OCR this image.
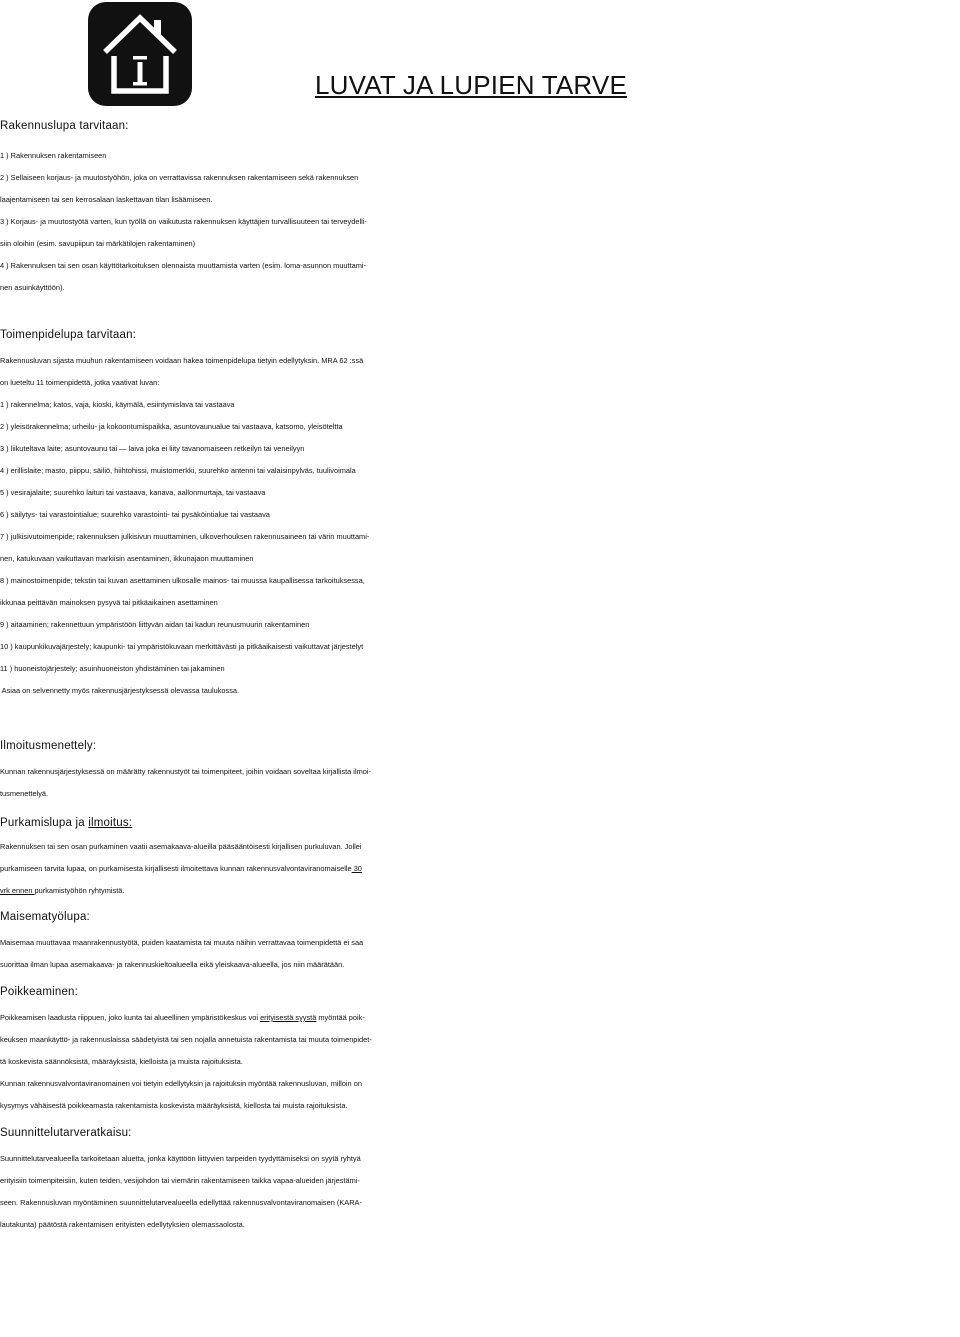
LUVAT JA LUPIEN TARVE
Rakennuslupa tarvitaan:

1 ) Rakennuksen rakentamiseen

2 ) Sellaiseen korjaus- ja muutostyöhön, joka on verrattavissa rakennuksen rakentamiseen sekä rakennuksen

laajentamiseen tai sen kerrosalaan laskettavan tilan lisäämiseen.

3 ) Korjaus- ja muutostyötä varten, kun työllä on vaikutusta rakennuksen käyttäjien turvallisuuteen tai terveydelli-

siin oloihin (esim. savupiipun tai märkätilojen rakentaminen)

4 ) Rakennuksen tai sen osan käyttötarkoituksen olennaista muuttamista varten (esim. loma-asunnon muuttami-

nen asuinkäyttöön).

Toimenpidelupa tarvitaan:

Rakennusluvan sijasta muuhun rakentamiseen voidaan hakea toimenpidelupa tietyin edellytyksin. MRA 62 :ssä

on lueteltu 11 toimenpidettä, jotka vaativat luvan:

1 ) rakennelma; katos, vaja, kioski, käymälä, esiintymislava tai vastaava

2 ) yleisörakennelma; urheilu- ja kokoontumispaikka, asuntovaunualue tai vastaava, katsomo, yleisöteltta

3 ) liikuteltava laite; asuntovaunu tai — laiva joka ei liity tavanomaiseen retkeilyn tai veneilyyn

4 ) erillislaite; masto, piippu, säiliö, hiihtohissi, muistomerkki, suurehko antenni tai valaisinpylväs, tuulivoimala

5 ) vesirajalaite; suurehko laituri tai vastaava, kanava, aallonmurtaja, tai vastaava

6 ) säilytys- tai varastointialue; suurehko varastointi- tai pysäköintialue tai vastaava

7 ) julkisivutoimenpide; rakennuksen julkisivun muuttaminen, ulkoverhouksen rakennusaineen tai värin muuttami-

nen, katukuvaan vaikuttavan markiisin asentaminen, ikkunajaon muuttaminen

8 ) mainostoimenpide; tekstin tai kuvan asettaminen ulkosalle mainos- tai muussa kaupallisessa tarkoituksessa,

ikkunaa peittävän mainoksen pysyvä tai pitkäaikainen asettaminen

9 ) aitaaminen; rakennettuun ympäristöön liittyvän aidan tai kadun reunusmuurin rakentaminen

10 ) kaupunkikuvajärjestely; kaupunki- tai ympäristökuvaan merkittävästi ja pitkäaikaisesti vaikuttavat järjestelyt

11 ) huoneistojärjestely; asuinhuoneiston yhdistäminen tai jakaminen

Asiaa on selvennetty myös rakennusjärjestyksessä olevassa taulukossa.

Ilmoitusmenettely:

Kunnan rakennusjärjestyksessä on määrätty rakennustyöt tai toimenpiteet, joihin voidaan soveltaa kirjallista ilmoi-

tusmenettelyä.

Purkamislupa ja ilmoitus:

Rakennuksen tai sen osan purkaminen vaatii asemakaava-alueilla pääsääntöisesti kirjallisen purkuluvan. Jollei

purkamiseen tarvita lupaa, on purkamisesta kirjallisesti ilmoitettava kunnan rakennusvalvontaviranomaiselle 30

vrk ennen purkamistyöhön ryhtymistä.

Maisematyölupa:

Maisemaa muuttavaa maanrakennustyötä, puiden kaatamista tai muuta näihin verrattavaa toimenpidettä ei saa

suorittaa ilman lupaa asemakaava- ja rakennuskieltoalueella eikä yleiskaava-alueella, jos niin määrätään.

Poikkeaminen:

Poikkeamisen laadusta riippuen, joko kunta tai alueellinen ympäristökeskus voi erityisestä syystä myöntää poik-

keuksen maankäyttö- ja rakennuslaissa säädetyistä tai sen nojalla annetuista rakentamista tai muuta toimenpidet-

tä koskevista säännöksistä, määräyksistä, kielloista ja muista rajoituksista.

Kunnan rakennusvalvontaviranomainen voi tietyin edellytyksin ja rajoituksin myöntää rakennusluvan, milloin on

kysymys vähäisestä poikkeamasta rakentamista koskevista määräyksistä, kiellosta tai muista rajoituksista.

Suunnittelutarveratkaisu:

Suunnittelutarvealueella tarkoitetaan aluetta, jonka käyttöön liittyvien tarpeiden tyydyttämiseksi on syytä ryhtyä

erityisiin toimenpiteisiin, kuten teiden, vesijohdon tai viemärin rakentamiseen taikka vapaa-alueiden järjestämi-

seen. Rakennusluvan myöntäminen suunnittelutarvealueella edellyttää rakennusvalvontaviranomaisen (KARA-

lautakunta) päätöstä rakentamisen erityisten edellytyksien olemassaolosta.
